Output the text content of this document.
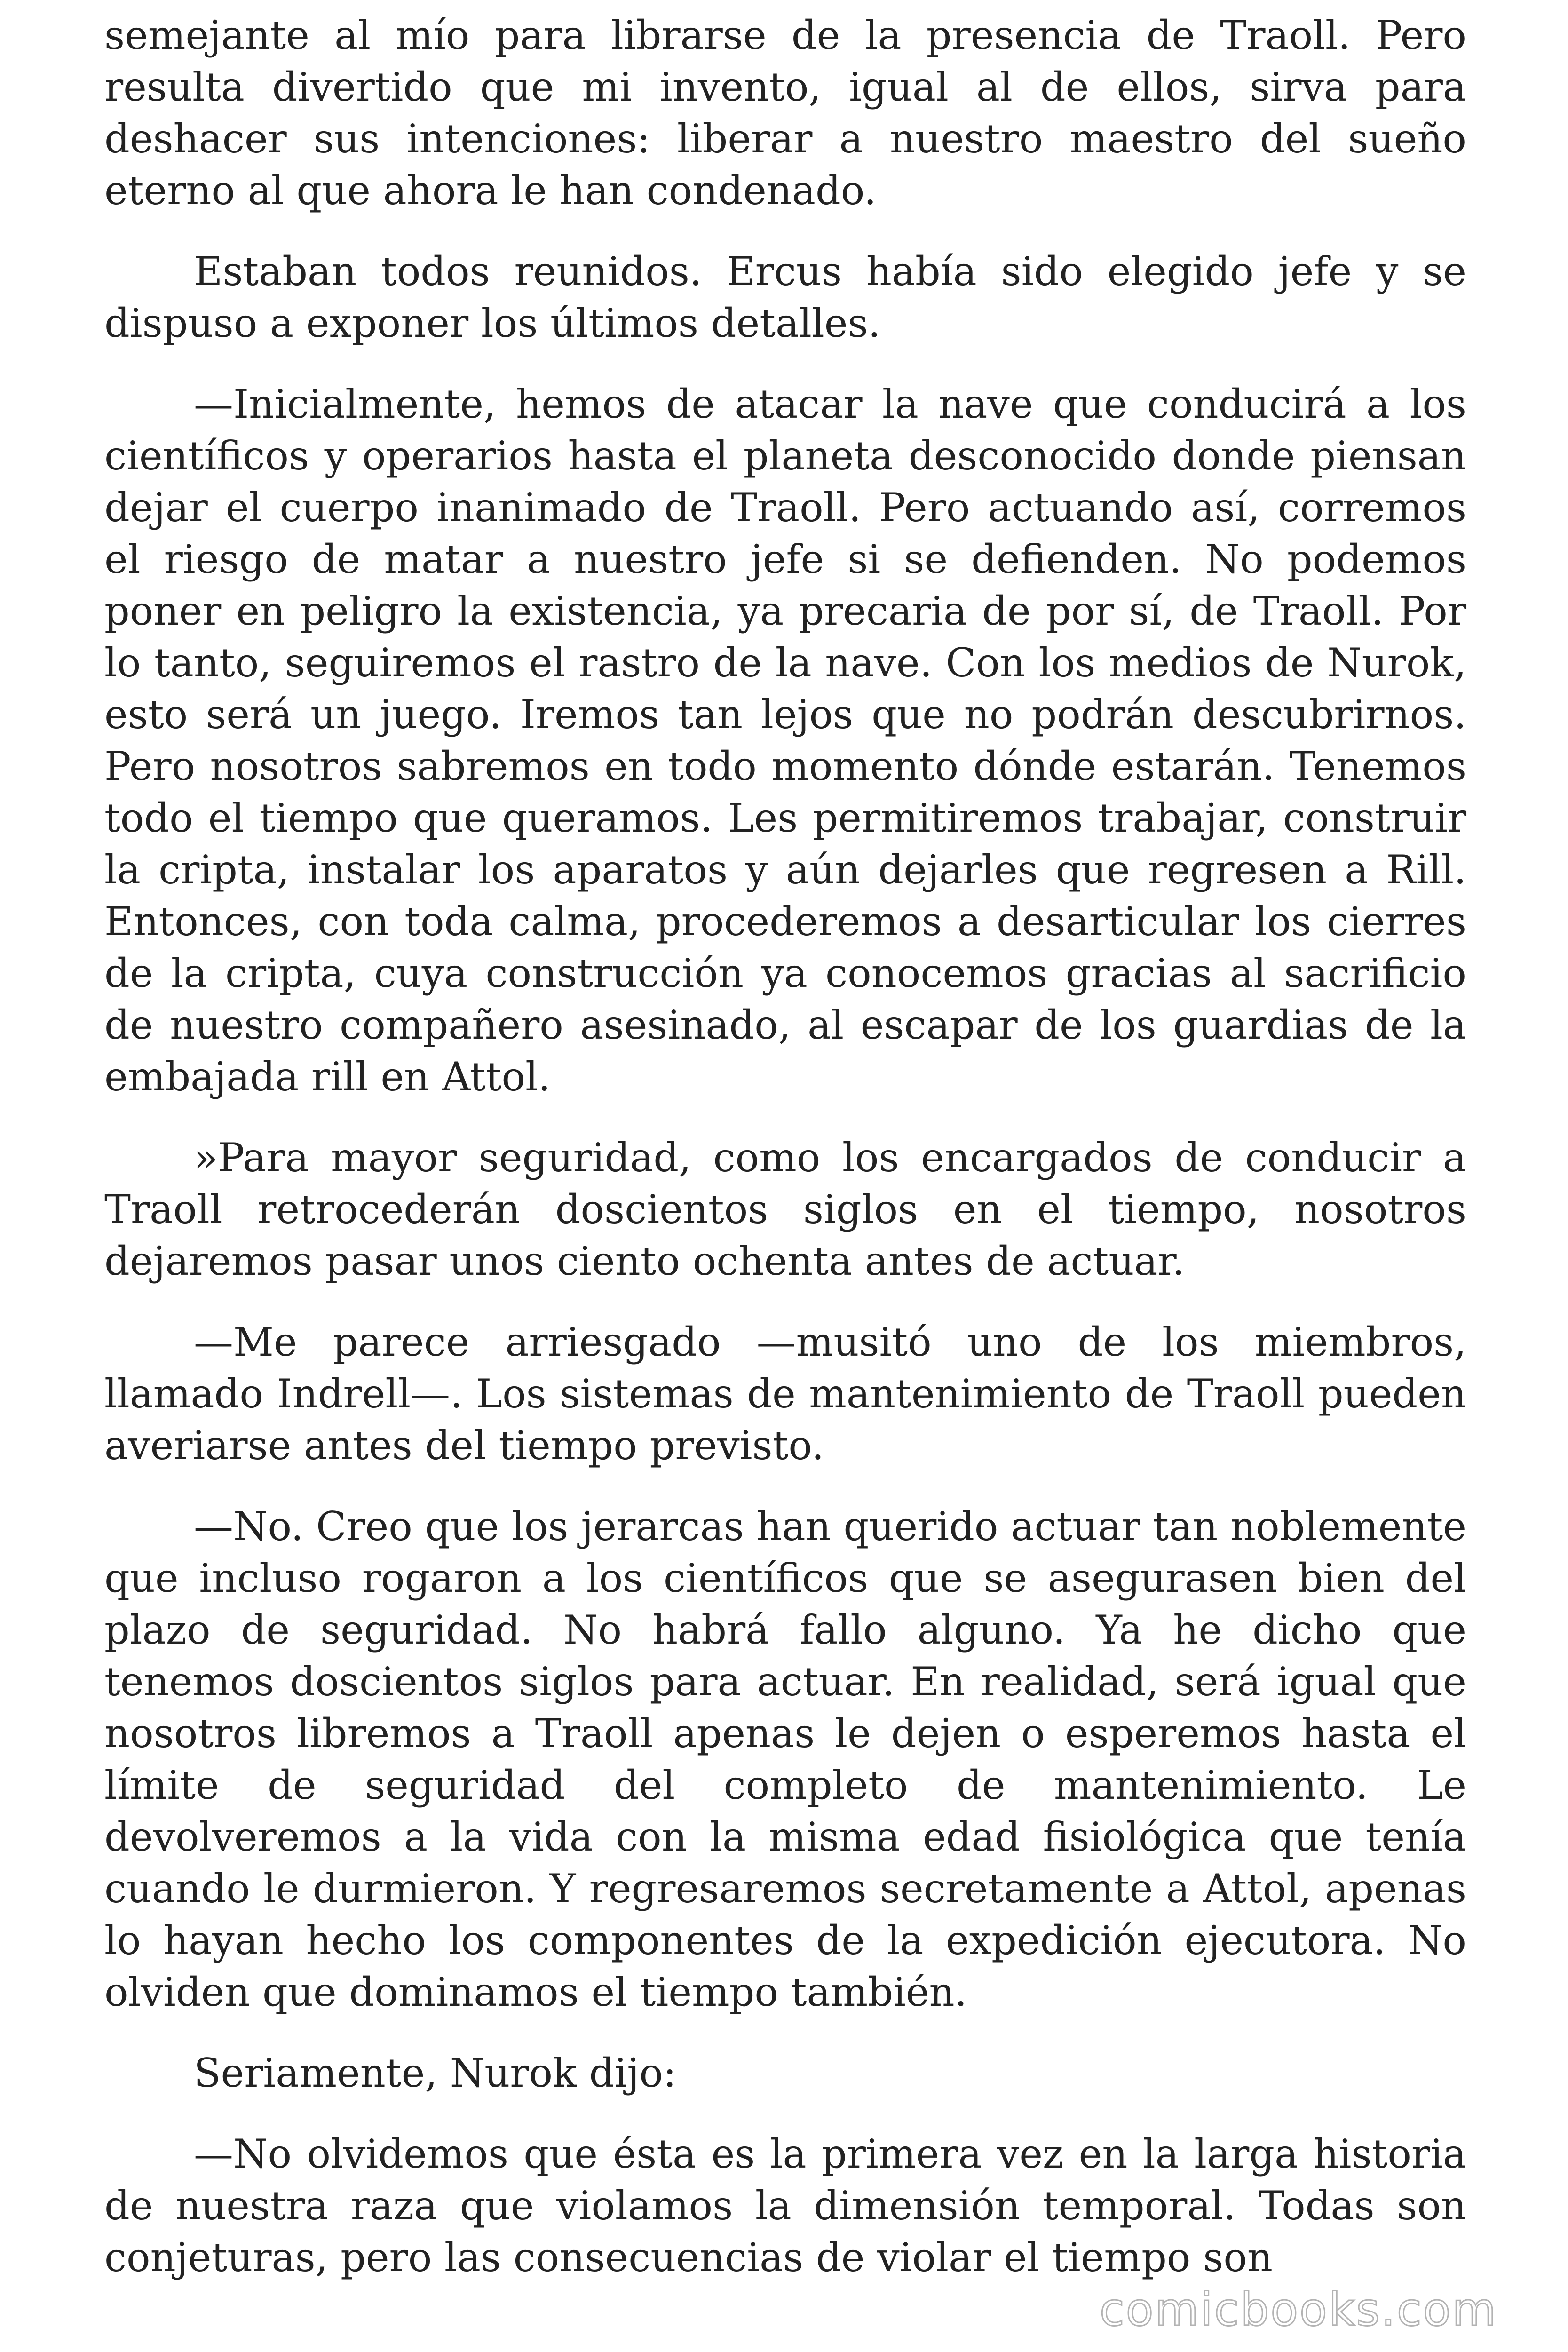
semejante al mío para librarse de la presencia de Traoll. Pero resulta divertido que mi invento, igual al de ellos, sirva para deshacer sus intenciones: liberar a nuestro maestro del sueño eterno al que ahora le han condenado.

Estaban todos reunidos. Ercus había sido elegido jefe y se dispuso a exponer los últimos detalles.

—Inicialmente, hemos de atacar la nave que conducirá a los científicos y operarios hasta el planeta desconocido donde piensan dejar el cuerpo inanimado de Traoll. Pero actuando así, corremos el riesgo de matar a nuestro jefe si se defienden. No podemos poner en peligro la existencia, ya precaria de por sí, de Traoll. Por lo tanto, seguiremos el rastro de la nave. Con los medios de Nurok, esto será un juego. Iremos tan lejos que no podrán descubrirnos. Pero nosotros sabremos en todo momento dónde estarán. Tenemos todo el tiempo que queramos. Les permitiremos trabajar, construir la cripta, instalar los aparatos y aún dejarles que regresen a Rill. Entonces, con toda calma, procederemos a desarticular los cierres de la cripta, cuya construcción ya conocemos gracias al sacrificio de nuestro compañero asesinado, al escapar de los guardias de la embajada rill en Attol.

»Para mayor seguridad, como los encargados de conducir a Traoll retrocederán doscientos siglos en el tiempo, nosotros dejaremos pasar unos ciento ochenta antes de actuar.

—Me parece arriesgado —musitó uno de los miembros, llamado Indrell—. Los sistemas de mantenimiento de Traoll pueden averiarse antes del tiempo previsto.

—No. Creo que los jerarcas han querido actuar tan noblemente que incluso rogaron a los científicos que se asegurasen bien del plazo de seguridad. No habrá fallo alguno. Ya he dicho que tenemos doscientos siglos para actuar. En realidad, será igual que nosotros libremos a Traoll apenas le dejen o esperemos hasta el límite de seguridad del completo de mantenimiento. Le devolveremos a la vida con la misma edad fisiológica que tenía cuando le durmieron. Y regresaremos secretamente a Attol, apenas lo hayan hecho los componentes de la expedición ejecutora. No olviden que dominamos el tiempo también.

Seriamente, Nurok dijo:

—No olvidemos que ésta es la primera vez en la larga historia de nuestra raza que violamos la dimensión temporal. Todas son conjeturas, pero las consecuencias de violar el tiempo son

comicbooks.com
